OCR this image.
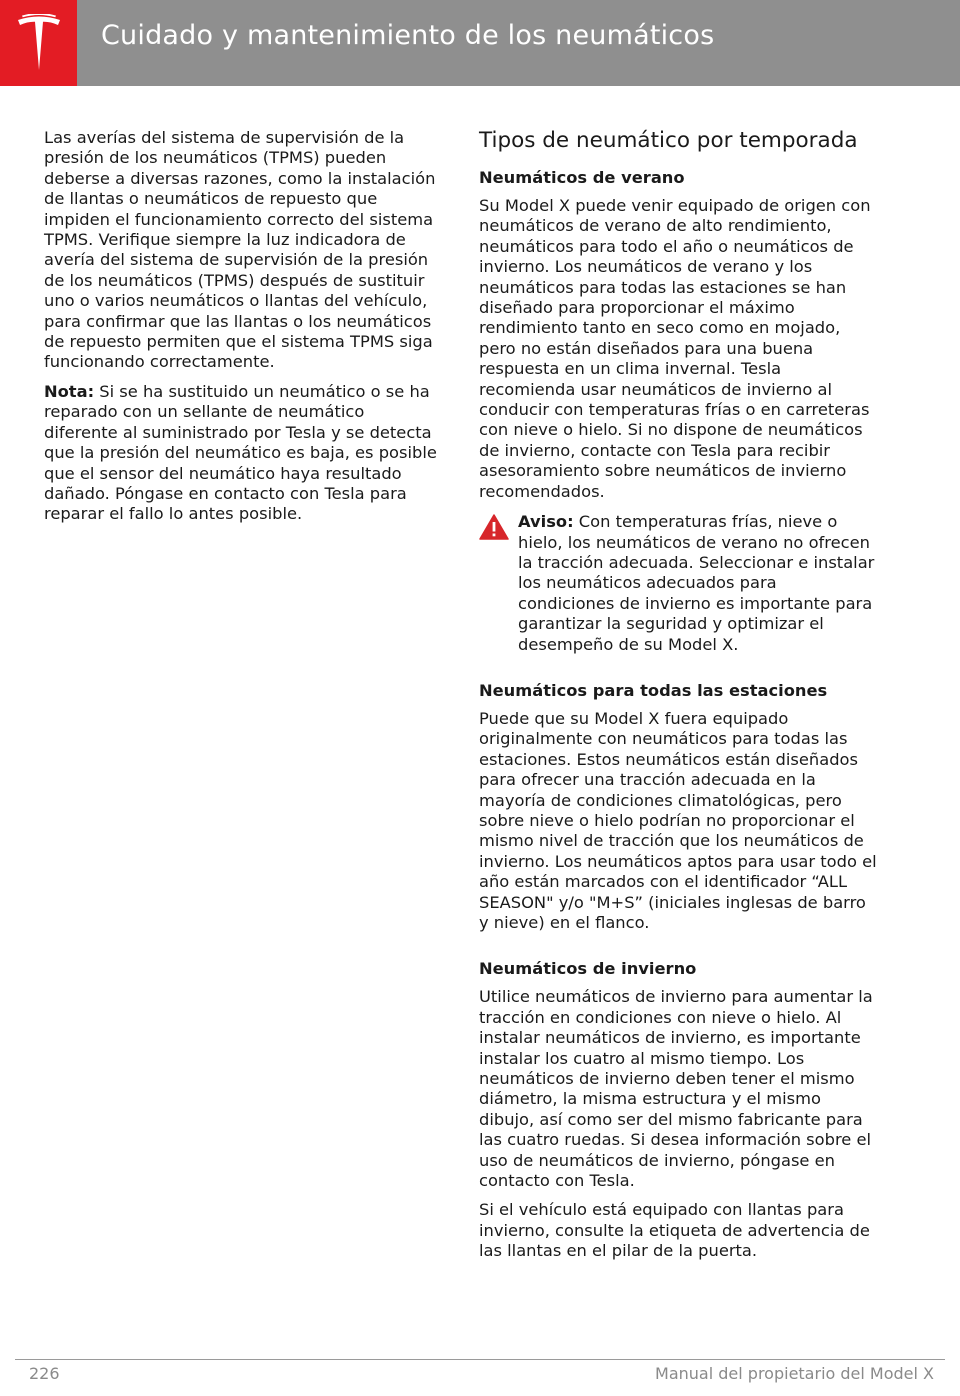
Cuidado y mantenimiento de los neumáticos

Las averías del sistema de supervisión de la presión de los neumáticos (TPMS) pueden deberse a diversas razones, como la instalación de llantas o neumáticos de repuesto que impiden el funcionamiento correcto del sistema TPMS. Verifique siempre la luz indicadora de avería del sistema de supervisión de la presión de los neumáticos (TPMS) después de sustituir uno o varios neumáticos o llantas del vehículo, para confirmar que las llantas o los neumáticos de repuesto permiten que el sistema TPMS siga funcionando correctamente.

Nota: Si se ha sustituido un neumático o se ha reparado con un sellante de neumático diferente al suministrado por Tesla y se detecta que la presión del neumático es baja, es posible que el sensor del neumático haya resultado dañado. Póngase en contacto con Tesla para reparar el fallo lo antes posible.

Tipos de neumático por temporada
Neumáticos de verano

Su Model X puede venir equipado de origen con neumáticos de verano de alto rendimiento, neumáticos para todo el año o neumáticos de invierno. Los neumáticos de verano y los neumáticos para todas las estaciones se han diseñado para proporcionar el máximo rendimiento tanto en seco como en mojado, pero no están diseñados para una buena respuesta en un clima invernal. Tesla recomienda usar neumáticos de invierno al conducir con temperaturas frías o en carreteras con nieve o hielo. Si no dispone de neumáticos de invierno, contacte con Tesla para recibir asesoramiento sobre neumáticos de invierno recomendados.

Aviso: Con temperaturas frías, nieve o hielo, los neumáticos de verano no ofrecen la tracción adecuada. Seleccionar e instalar los neumáticos adecuados para condiciones de invierno es importante para garantizar la seguridad y optimizar el desempeño de su Model X.
Neumáticos para todas las estaciones

Puede que su Model X fuera equipado originalmente con neumáticos para todas las estaciones. Estos neumáticos están diseñados para ofrecer una tracción adecuada en la mayoría de condiciones climatológicas, pero sobre nieve o hielo podrían no proporcionar el mismo nivel de tracción que los neumáticos de invierno. Los neumáticos aptos para usar todo el año están marcados con el identificador “ALL SEASON" y/o "M+S” (iniciales inglesas de barro y nieve) en el flanco.

Neumáticos de invierno

Utilice neumáticos de invierno para aumentar la tracción en condiciones con nieve o hielo. Al instalar neumáticos de invierno, es importante instalar los cuatro al mismo tiempo. Los neumáticos de invierno deben tener el mismo diámetro, la misma estructura y el mismo dibujo, así como ser del mismo fabricante para las cuatro ruedas. Si desea información sobre el uso de neumáticos de invierno, póngase en contacto con Tesla.

Si el vehículo está equipado con llantas para invierno, consulte la etiqueta de advertencia de las llantas en el pilar de la puerta.

226	Manual del propietario del Model X
